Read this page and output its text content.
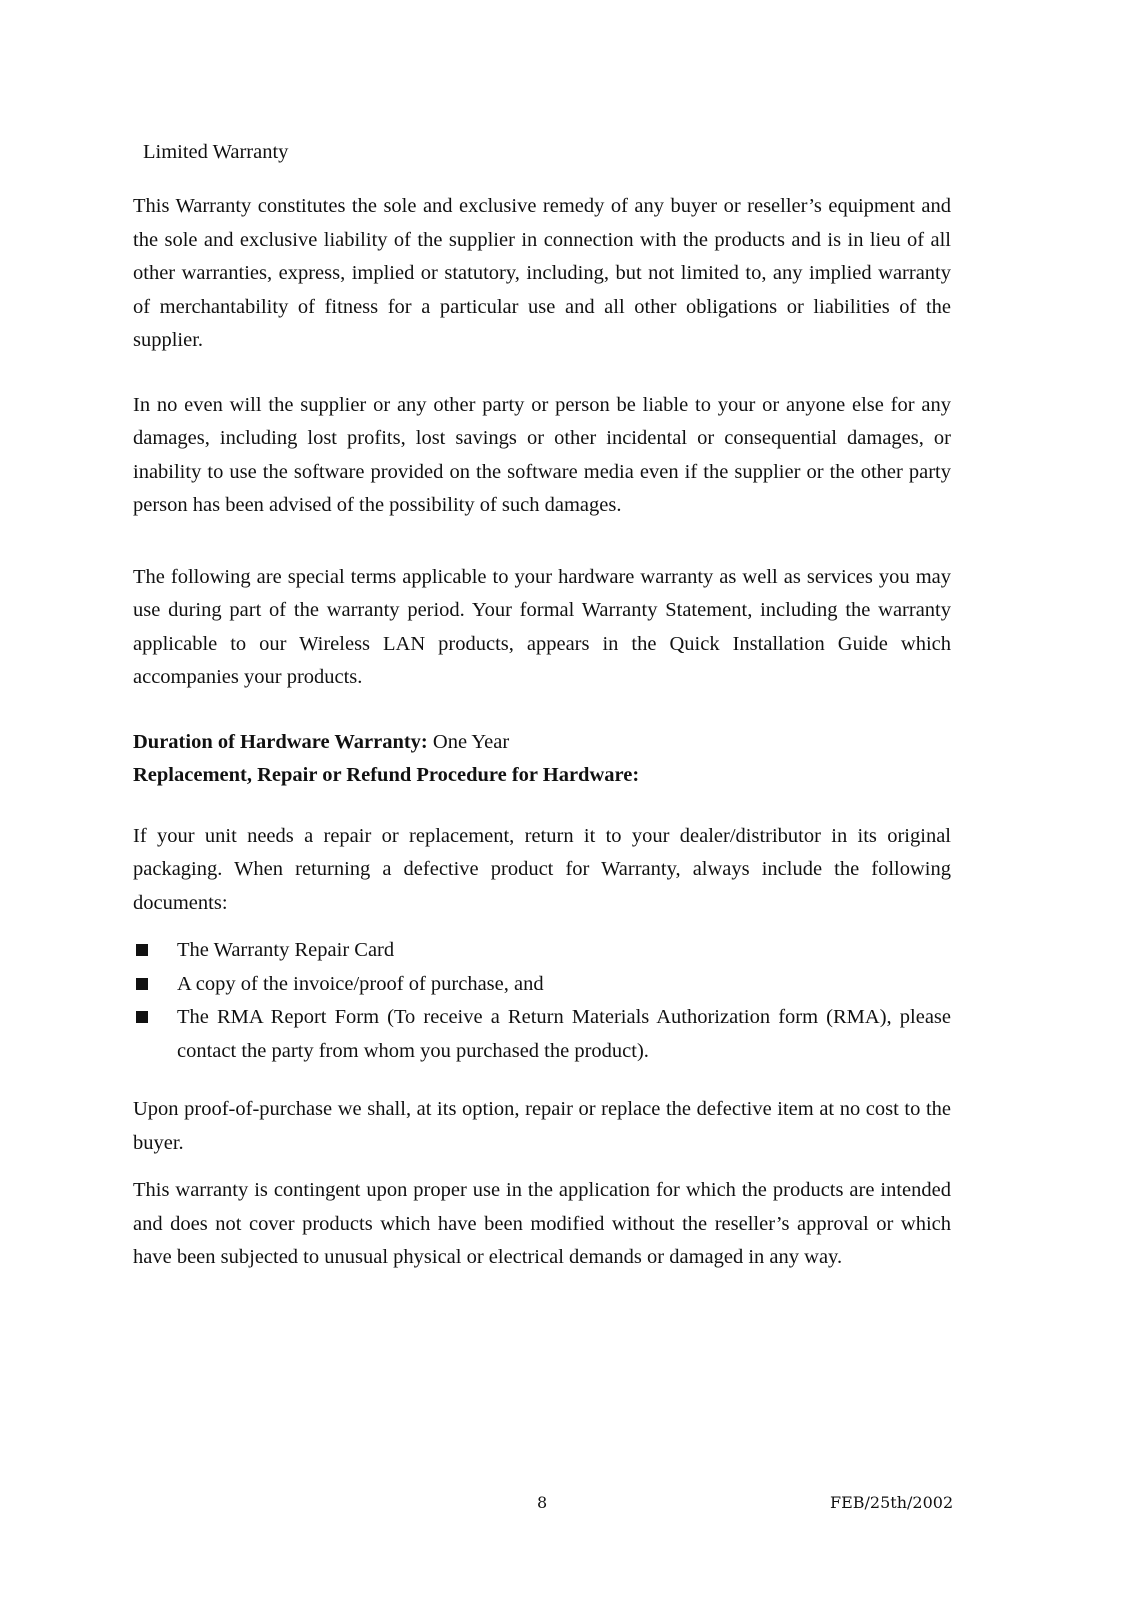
Limited Warranty

This Warranty constitutes the sole and exclusive remedy of any buyer or reseller’s equipment and the sole and exclusive liability of the supplier in connection with the products and is in lieu of all other warranties, express, implied or statutory, including, but not limited to, any implied warranty of merchantability of fitness for a particular use and all other obligations or liabilities of the supplier.

In no even will the supplier or any other party or person be liable to your or anyone else for any damages, including lost profits, lost savings or other incidental or consequential damages, or inability to use the software provided on the software media even if the supplier or the other party person has been advised of the possibility of such damages.

The following are special terms applicable to your hardware warranty as well as services you may use during part of the warranty period. Your formal Warranty Statement, including the warranty applicable to our Wireless LAN products, appears in the Quick Installation Guide which accompanies your products.

Duration of Hardware Warranty: One Year
Replacement, Repair or Refund Procedure for Hardware:

If your unit needs a repair or replacement, return it to your dealer/distributor in its original packaging. When returning a defective product for Warranty, always include the following documents:

The Warranty Repair Card
A copy of the invoice/proof of purchase, and
The RMA Report Form (To receive a Return Materials Authorization form (RMA), please contact the party from whom you purchased the product).

Upon proof-of-purchase we shall, at its option, repair or replace the defective item at no cost to the buyer.

This warranty is contingent upon proper use in the application for which the products are intended and does not cover products which have been modified without the reseller’s approval or which have been subjected to unusual physical or electrical demands or damaged in any way.

8	FEB/25th/2002
